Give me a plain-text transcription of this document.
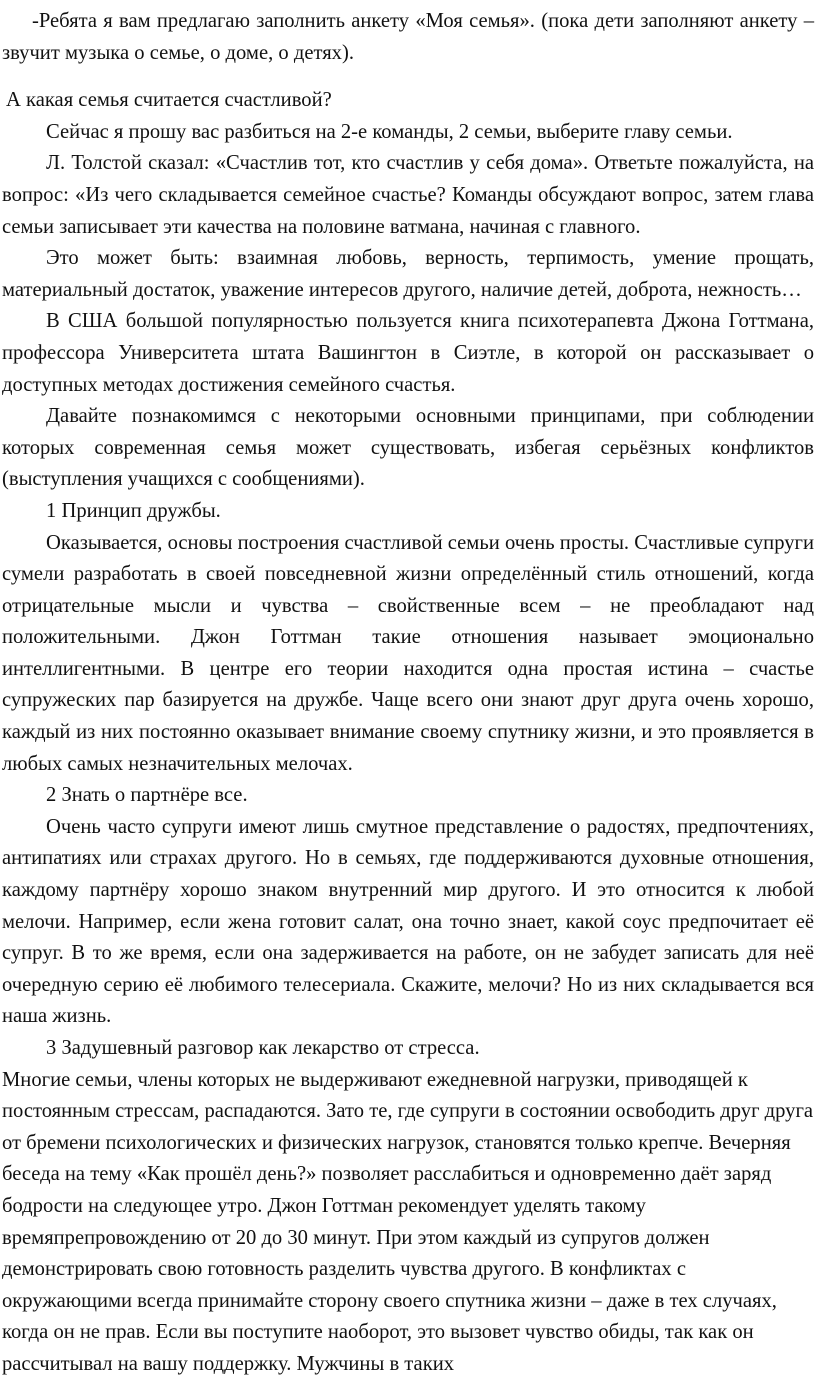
-Ребята я вам предлагаю заполнить анкету «Моя семья». (пока дети заполняют анкету – звучит музыка о семье, о доме, о детях).

А какая семья считается счастливой?

Сейчас я прошу вас разбиться на 2-е команды, 2 семьи, выберите главу семьи.

Л. Толстой сказал: «Счастлив тот, кто счастлив у себя дома». Ответьте пожалуйста, на вопрос: «Из чего складывается семейное счастье? Команды обсуждают вопрос, затем глава семьи записывает эти качества на половине ватмана, начиная с главного.

Это может быть: взаимная любовь, верность, терпимость, умение прощать, материальный достаток, уважение интересов другого, наличие детей, доброта, нежность…

В США большой популярностью пользуется книга психотерапевта Джона Готтмана, профессора Университета штата Вашингтон в Сиэтле, в которой он рассказывает о доступных методах достижения семейного счастья.

Давайте познакомимся с некоторыми основными принципами, при соблюдении которых современная семья может существовать, избегая серьёзных конфликтов (выступления учащихся с сообщениями).

1 Принцип дружбы.

Оказывается, основы построения счастливой семьи очень просты. Счастливые супруги сумели разработать в своей повседневной жизни определённый стиль отношений, когда отрицательные мысли и чувства – свойственные всем – не преобладают над положительными. Джон Готтман такие отношения называет эмоционально интеллигентными. В центре его теории находится одна простая истина – счастье супружеских пар базируется на дружбе. Чаще всего они знают друг друга очень хорошо, каждый из них постоянно оказывает внимание своему спутнику жизни, и это проявляется в любых самых незначительных мелочах.

2 Знать о партнёре все.

Очень часто супруги имеют лишь смутное представление о радостях, предпочтениях, антипатиях или страхах другого. Но в семьях, где поддерживаются духовные отношения, каждому партнёру хорошо знаком внутренний мир другого. И это относится к любой мелочи. Например, если жена готовит салат, она точно знает, какой соус предпочитает её супруг. В то же время, если она задерживается на работе, он не забудет записать для неё очередную серию её любимого телесериала. Скажите, мелочи? Но из них складывается вся наша жизнь.

3 Задушевный разговор как лекарство от стресса.

Многие семьи, члены которых не выдерживают ежедневной нагрузки, приводящей к постоянным стрессам, распадаются. Зато те, где супруги в состоянии освободить друг друга от бремени психологических и физических нагрузок, становятся только крепче. Вечерняя беседа на тему «Как прошёл день?» позволяет расслабиться и одновременно даёт заряд бодрости на следующее утро. Джон Готтман рекомендует уделять такому времяпрепровождению от 20 до 30 минут. При этом каждый из супругов должен демонстрировать свою готовность разделить чувства другого. В конфликтах с окружающими всегда принимайте сторону своего спутника жизни – даже в тех случаях, когда он не прав. Если вы поступите наоборот, это вызовет чувство обиды, так как он рассчитывал на вашу поддержку. Мужчины в таких
